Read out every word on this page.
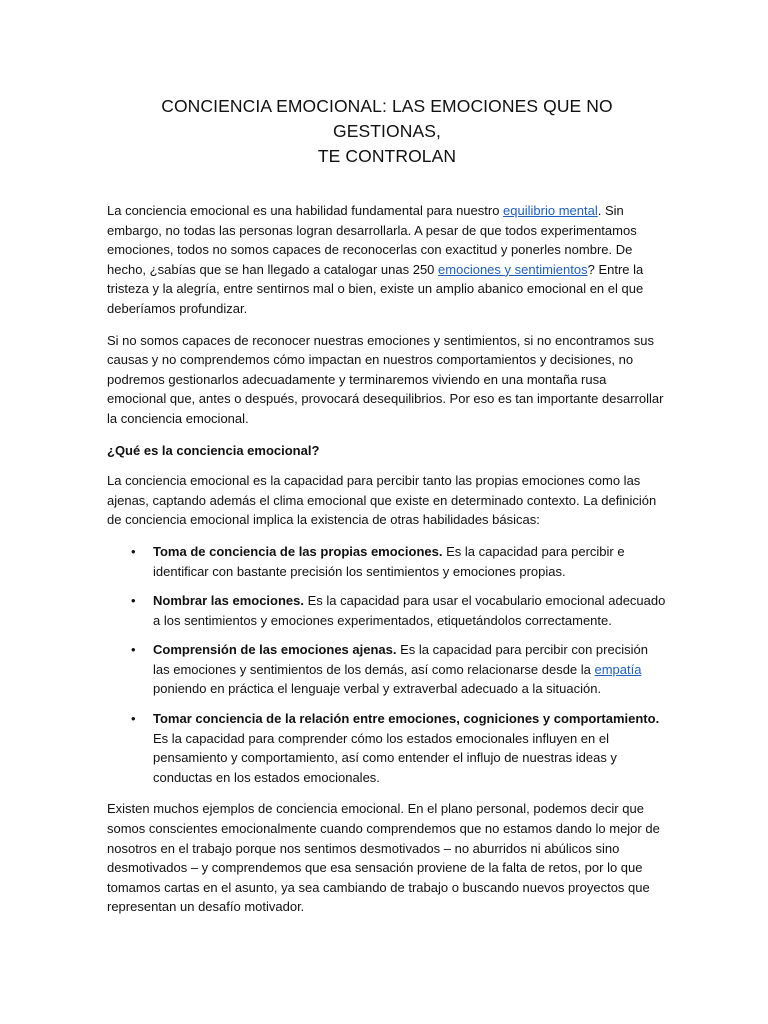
CONCIENCIA EMOCIONAL: LAS EMOCIONES QUE NO GESTIONAS,
TE CONTROLAN

La conciencia emocional es una habilidad fundamental para nuestro equilibrio mental. Sin embargo, no todas las personas logran desarrollarla. A pesar de que todos experimentamos emociones, todos no somos capaces de reconocerlas con exactitud y ponerles nombre. De hecho, ¿sabías que se han llegado a catalogar unas 250 emociones y sentimientos? Entre la tristeza y la alegría, entre sentirnos mal o bien, existe un amplio abanico emocional en el que deberíamos profundizar.

Si no somos capaces de reconocer nuestras emociones y sentimientos, si no encontramos sus causas y no comprendemos cómo impactan en nuestros comportamientos y decisiones, no podremos gestionarlos adecuadamente y terminaremos viviendo en una montaña rusa emocional que, antes o después, provocará desequilibrios. Por eso es tan importante desarrollar la conciencia emocional.

¿Qué es la conciencia emocional?

La conciencia emocional es la capacidad para percibir tanto las propias emociones como las ajenas, captando además el clima emocional que existe en determinado contexto. La definición de conciencia emocional implica la existencia de otras habilidades básicas:

• Toma de conciencia de las propias emociones. Es la capacidad para percibir e identificar con bastante precisión los sentimientos y emociones propias.
• Nombrar las emociones. Es la capacidad para usar el vocabulario emocional adecuado a los sentimientos y emociones experimentados, etiquetándolos correctamente.
• Comprensión de las emociones ajenas. Es la capacidad para percibir con precisión las emociones y sentimientos de los demás, así como relacionarse desde la empatía poniendo en práctica el lenguaje verbal y extraverbal adecuado a la situación.
• Tomar conciencia de la relación entre emociones, cogniciones y comportamiento. Es la capacidad para comprender cómo los estados emocionales influyen en el pensamiento y comportamiento, así como entender el influjo de nuestras ideas y conductas en los estados emocionales.

Existen muchos ejemplos de conciencia emocional. En el plano personal, podemos decir que somos conscientes emocionalmente cuando comprendemos que no estamos dando lo mejor de nosotros en el trabajo porque nos sentimos desmotivados – no aburridos ni abúlicos sino desmotivados – y comprendemos que esa sensación proviene de la falta de retos, por lo que tomamos cartas en el asunto, ya sea cambiando de trabajo o buscando nuevos proyectos que representan un desafío motivador.
